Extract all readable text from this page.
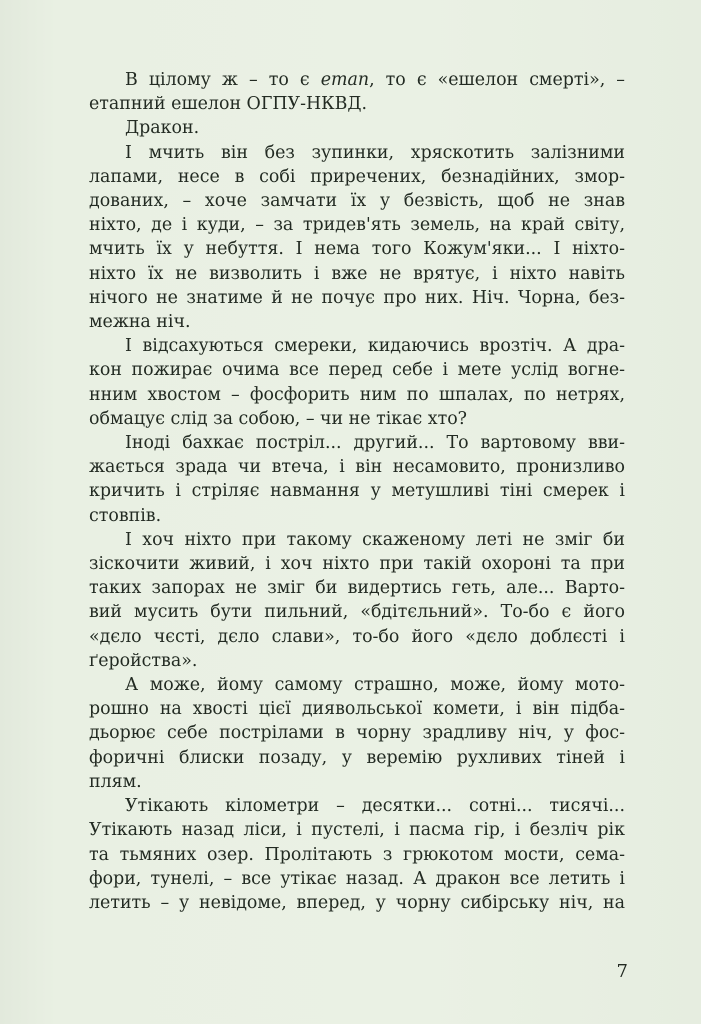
В цілому ж – то є етап, то є «ешелон смерті», –
етапний ешелон ОГПУ-НКВД.

Дракон.

І мчить він без зупинки, хряскотить залізними
лапами, несе в собі приречених, безнадійних, змор-
дованих, – хоче замчати їх у безвість, щоб не знав
ніхто, де і куди, – за тридев'ять земель, на край світу,
мчить їх у небуття. І нема того Кожум'яки... І ніхто-
ніхто їх не визволить і вже не врятує, і ніхто навіть
нічого не знатиме й не почує про них. Ніч. Чорна, без-
межна ніч.

І відсахуються смереки, кидаючись врозтіч. А дра-
кон пожирає очима все перед себе і мете услід вогне-
нним хвостом – фосфорить ним по шпалах, по нетрях,
обмацує слід за собою, – чи не тікає хто?

Іноді бахкає постріл... другий... То вартовому вви-
жається зрада чи втеча, і він несамовито, пронизливо
кричить і стріляє навмання у метушливі тіні смерек і
стовпів.

І хоч ніхто при такому скаженому леті не зміг би
зіскочити живий, і хоч ніхто при такій охороні та при
таких запорах не зміг би видертись геть, але... Варто-
вий мусить бути пильний, «бдітєльний». То-бо є його
«дєло чєсті, дєло слави», то-бо його «дєло доблєсті і
ґеройства».

А може, йому самому страшно, може, йому мото-
рошно на хвості цієї диявольської комети, і він підба-
дьорює себе пострілами в чорну зрадливу ніч, у фос-
форичні блиски позаду, у веремію рухливих тіней і
плям.

Утікають кілометри – десятки... сотні... тисячі...
Утікають назад ліси, і пустелі, і пасма гір, і безліч рік
та тьмяних озер. Пролітають з грюкотом мости, сема-
фори, тунелі, – все утікає назад. А дракон все летить і
летить – у невідоме, вперед, у чорну сибірську ніч, на

7
